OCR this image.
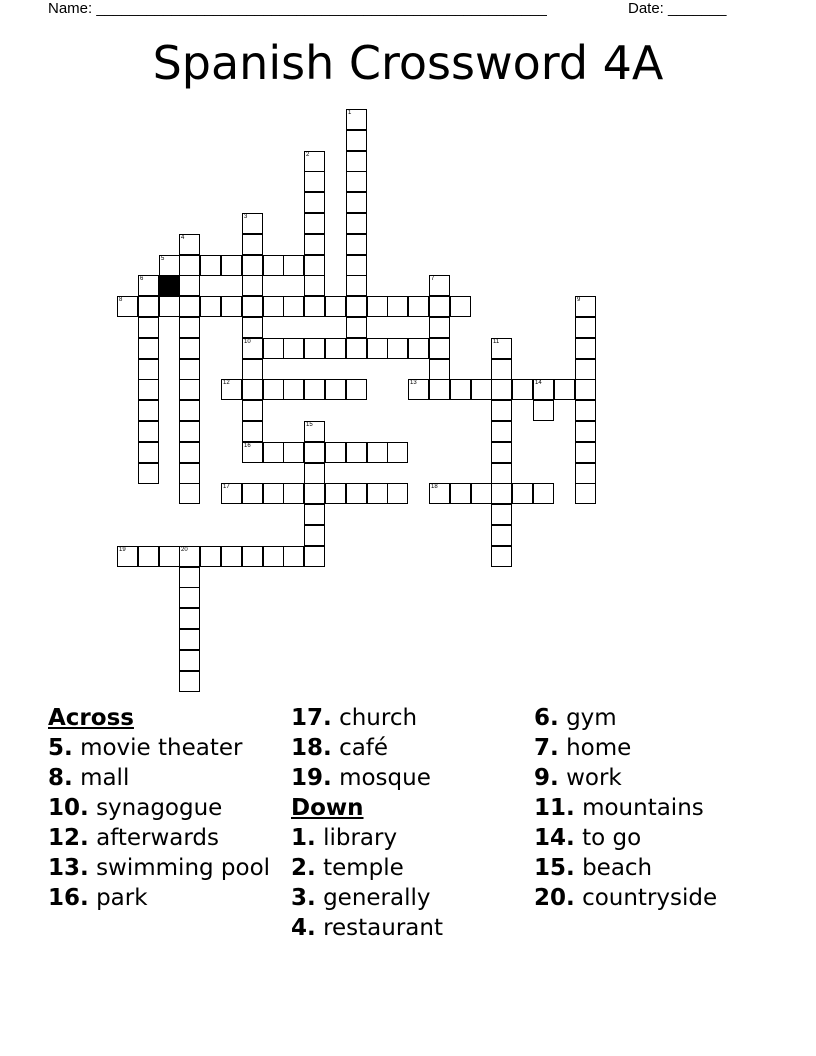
Name: ______________________________________________________	Date: _______
Spanish Crossword 4A
1
2
3
10
4
5
6	7
8	9
11
12	13	14
15
16
17	18
19	20
Across
5. movie theater
8. mall
10. synagogue
12. afterwards
13. swimming pool
16. park
17. church
18. café
19. mosque
Down
1. library
2. temple
3. generally
4. restaurant
6. gym
7. home
9. work
11. mountains
14. to go
15. beach
20. countryside
